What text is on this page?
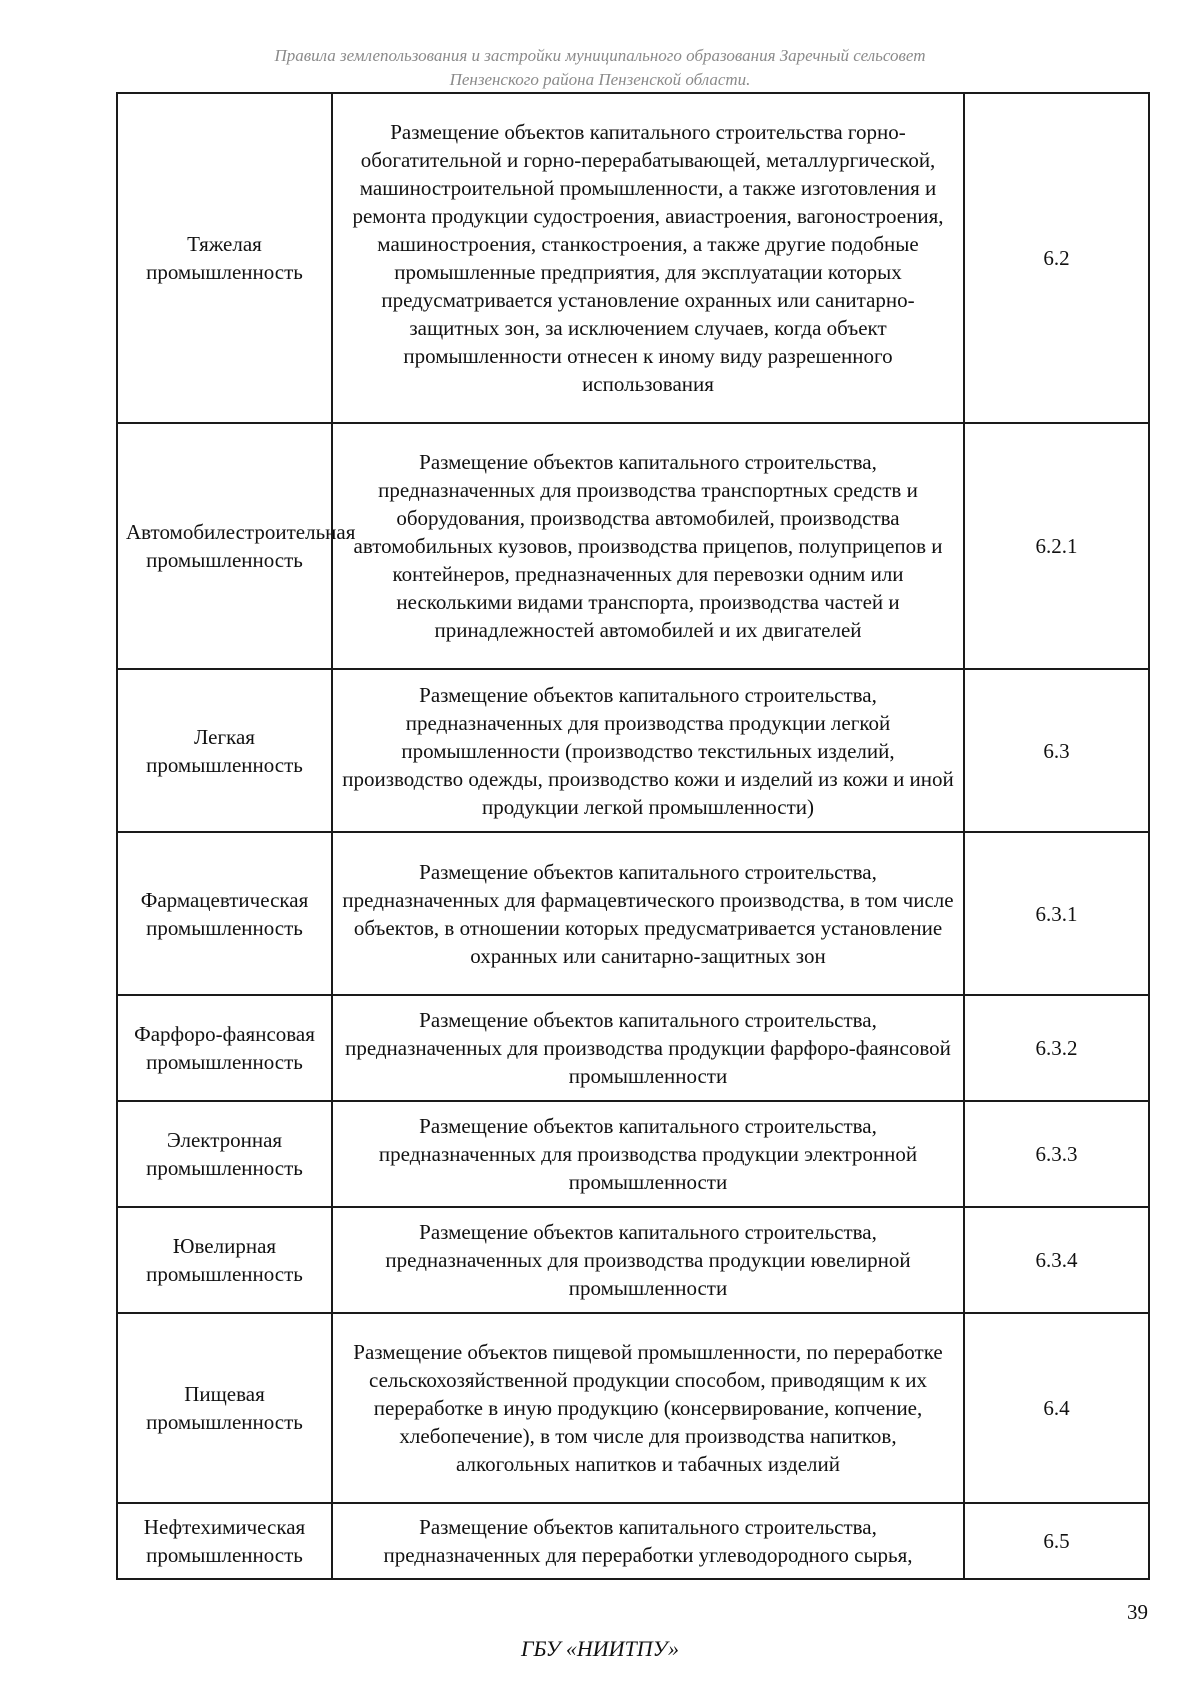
Правила землепользования и застройки муниципального образования Заречный сельсовет
Пензенского района Пензенской области.
Тяжелая промышленность	Размещение объектов капитального строительства горно-обогатительной и горно-перерабатывающей, металлургической, машиностроительной промышленности, а также изготовления и ремонта продукции судостроения, авиастроения, вагоностроения, машиностроения, станкостроения, а также другие подобные промышленные предприятия, для эксплуатации которых предусматривается установление охранных или санитарно-защитных зон, за исключением случаев, когда объект промышленности отнесен к иному виду разрешенного использования	6.2
Автомобилестроительная промышленность	Размещение объектов капитального строительства, предназначенных для производства транспортных средств и оборудования, производства автомобилей, производства автомобильных кузовов, производства прицепов, полуприцепов и контейнеров, предназначенных для перевозки одним или несколькими видами транспорта, производства частей и принадлежностей автомобилей и их двигателей	6.2.1
Легкая промышленность	Размещение объектов капитального строительства, предназначенных для производства продукции легкой промышленности (производство текстильных изделий, производство одежды, производство кожи и изделий из кожи и иной продукции легкой промышленности)	6.3
Фармацевтическая промышленность	Размещение объектов капитального строительства, предназначенных для фармацевтического производства, в том числе объектов, в отношении которых предусматривается установление охранных или санитарно-защитных зон	6.3.1
Фарфоро-фаянсовая промышленность	Размещение объектов капитального строительства, предназначенных для производства продукции фарфоро-фаянсовой промышленности	6.3.2
Электронная промышленность	Размещение объектов капитального строительства, предназначенных для производства продукции электронной промышленности	6.3.3
Ювелирная промышленность	Размещение объектов капитального строительства, предназначенных для производства продукции ювелирной промышленности	6.3.4
Пищевая промышленность	Размещение объектов пищевой промышленности, по переработке сельскохозяйственной продукции способом, приводящим к их переработке в иную продукцию (консервирование, копчение, хлебопечение), в том числе для производства напитков, алкогольных напитков и табачных изделий	6.4
Нефтехимическая промышленность	Размещение объектов капитального строительства, предназначенных для переработки углеводородного сырья,	6.5
39
ГБУ «НИИТПУ»
